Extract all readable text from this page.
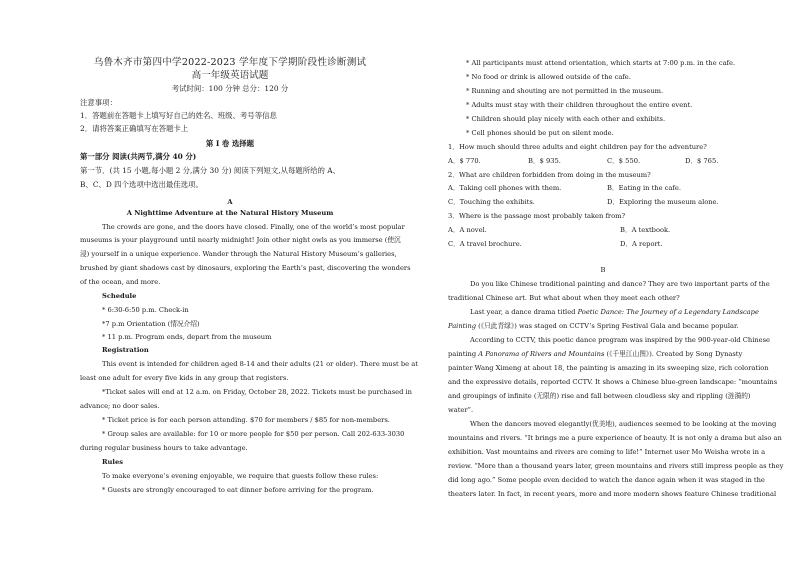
乌鲁木齐市第四中学2022-2023 学年度下学期阶段性诊断测试
高一年级英语试题
考试时间：100 分钟 总分：120 分
注意事项：
1．答题前在答题卡上填写好自己的姓名、班级、考号等信息
2．请将答案正确填写在答题卡上
第 I 卷 选择题
第一部分 阅读(共两节,满分 40 分)
第一节．(共 15 小题,每小题 2 分,满分 30 分) 阅读下列短文,从每题所给的 A、
B、C、D 四个选项中选出最佳选项。
A
A Nighttime Adventure at the Natural History Museum
The crowds are gone, and the doors have closed. Finally, one of the world’s most popular
museums is your playground until nearly midnight! Join other night owls as you immerse (使沉
浸) yourself in a unique experience. Wander through the Natural History Museum’s galleries,
brushed by giant shadows cast by dinosaurs, exploring the Earth’s past, discovering the wonders
of the ocean, and more.
Schedule
* 6:30-6:50 p.m. Check-in
*7 p.m Orientation (情况介绍)
* 11 p.m. Program ends, depart from the museum
Registration
This event is intended for children aged 8-14 and their adults (21 or older). There must be at
least one adult for every five kids in any group that registers.
*Ticket sales will end at 12 a.m. on Friday, October 28, 2022. Tickets must be purchased in
advance; no door sales.
* Ticket price is for each person attending. $70 for members / $85 for non-members.
* Group sales are available: for 10 or more people for $50 per person. Call 202-633-3030
during regular business hours to take advantage.
Rules
To make everyone’s evening enjoyable, we require that guests follow these rules:
* Guests are strongly encouraged to eat dinner before arriving for the program.
* All participants must attend orientation, which starts at 7:00 p.m. in the cafe.
* No food or drink is allowed outside of the cafe.
* Running and shouting are not permitted in the museum.
* Adults must stay with their children throughout the entire event.
* Children should play nicely with each other and exhibits.
* Cell phones should be put on silent mode.
1．How much should three adults and eight children pay for the adventure?
A．$ 770.	B．$ 935.	C．$ 550.	D．$ 765.
2．What are children forbidden from doing in the museum?
A．Taking cell phones with them.	B．Eating in the cafe.
C．Touching the exhibits.	D．Exploring the museum alone.
3．Where is the passage most probably taken from?
A．A novel.	B．A textbook.
C．A travel brochure.	D．A report.
B
Do you like Chinese traditional painting and dance? They are two important parts of the
traditional Chinese art. But what about when they meet each other?
Last year, a dance drama titled Poetic Dance: The Journey of a Legendary Landscape
Painting (《只此青绿》) was staged on CCTV’s Spring Festival Gala and became popular.
According to CCTV, this poetic dance program was inspired by the 900-year-old Chinese
painting A Panorama of Rivers and Mountains (《千里江山图》). Created by Song Dynasty
painter Wang Ximeng at about 18, the painting is amazing in its sweeping size, rich coloration
and the expressive details, reported CCTV. It shows a Chinese blue-green landscape: “mountains
and groupings of infinite (无限的) rise and fall between cloudless sky and rippling (涟漪的)
water”.
When the dancers moved elegantly(优美地), audiences seemed to be looking at the moving
mountains and rivers. “It brings me a pure experience of beauty. It is not only a drama but also an
exhibition. Vast mountains and rivers are coming to life!” Internet user Mo Weisha wrote in a
review. “More than a thousand years later, green mountains and rivers still impress people as they
did long ago.” Some people even decided to watch the dance again when it was staged in the
theaters later. In fact, in recent years, more and more modern shows feature Chinese traditional
